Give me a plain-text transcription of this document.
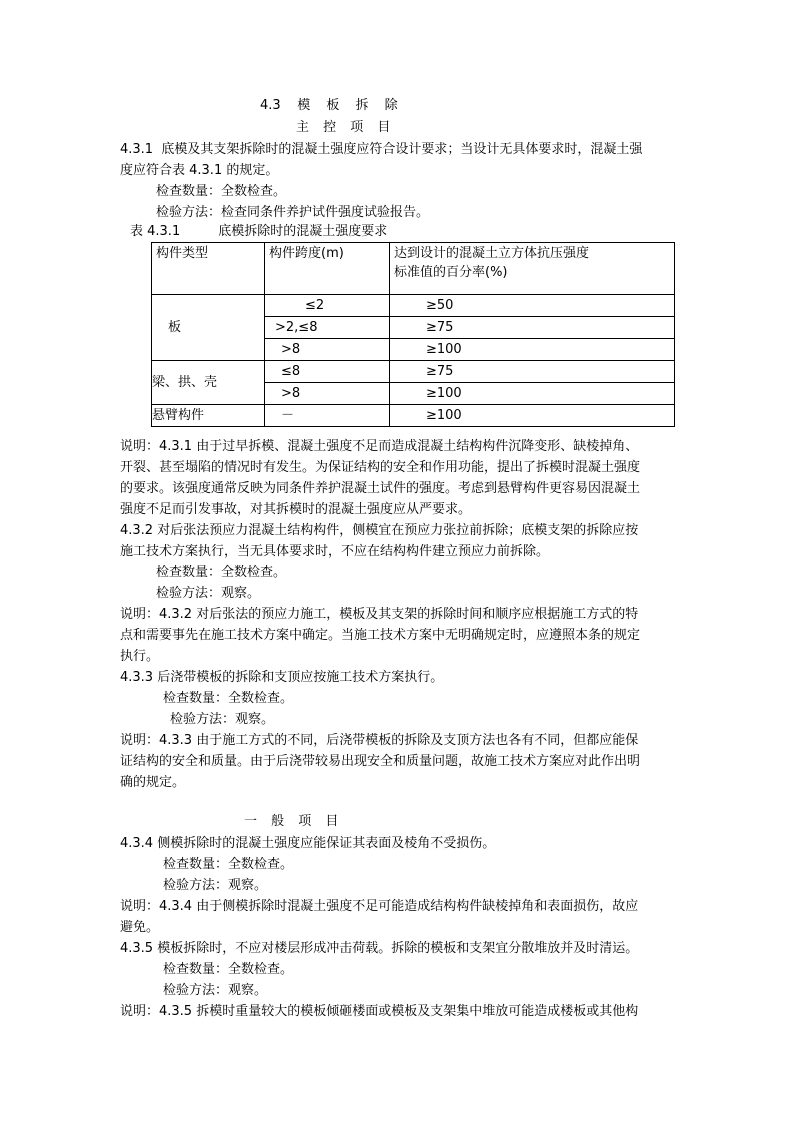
4.3 模 板 拆 除
主 控 项 目
4.3.1 底模及其支架拆除时的混凝土强度应符合设计要求；当设计无具体要求时，混凝土强
度应符合表 4.3.1 的规定。
检查数量：全数检查。
检验方法：检查同条件养护试件强度试验报告。
表 4.3.1	底模拆除时的混凝土强度要求
构件类型	构件跨度(m)	达到设计的混凝土立方体抗压强度
标准值的百分率(%)

板	≤2	≥50
	>2,≤8	≥75
	>8	≥100
梁、拱、壳	≤8	≥75
	>8	≥100
悬臂构件	－	≥100
说明：4.3.1 由于过早拆模、混凝土强度不足而造成混凝土结构构件沉降变形、缺棱掉角、
开裂、甚至塌陷的情况时有发生。为保证结构的安全和作用功能，提出了拆模时混凝土强度
的要求。该强度通常反映为同条件养护混凝土试件的强度。考虑到悬臂构件更容易因混凝土
强度不足而引发事故，对其拆模时的混凝土强度应从严要求。
4.3.2 对后张法预应力混凝土结构构件，侧模宜在预应力张拉前拆除；底模支架的拆除应按
施工技术方案执行，当无具体要求时，不应在结构构件建立预应力前拆除。
检查数量：全数检查。
检验方法：观察。
说明：4.3.2 对后张法的预应力施工，模板及其支架的拆除时间和顺序应根据施工方式的特
点和需要事先在施工技术方案中确定。当施工技术方案中无明确规定时，应遵照本条的规定
执行。
4.3.3 后浇带模板的拆除和支顶应按施工技术方案执行。
检查数量：全数检查。
检验方法：观察。
说明：4.3.3 由于施工方式的不同，后浇带模板的拆除及支顶方法也各有不同，但都应能保
证结构的安全和质量。由于后浇带较易出现安全和质量问题，故施工技术方案应对此作出明
确的规定。
一 般 项 目
4.3.4 侧模拆除时的混凝土强度应能保证其表面及棱角不受损伤。
检查数量：全数检查。
检验方法：观察。
说明：4.3.4 由于侧模拆除时混凝土强度不足可能造成结构构件缺棱掉角和表面损伤，故应
避免。
4.3.5 模板拆除时，不应对楼层形成冲击荷载。拆除的模板和支架宜分散堆放并及时清运。
检查数量：全数检查。
检验方法：观察。
说明：4.3.5 拆模时重量较大的模板倾砸楼面或模板及支架集中堆放可能造成楼板或其他构
